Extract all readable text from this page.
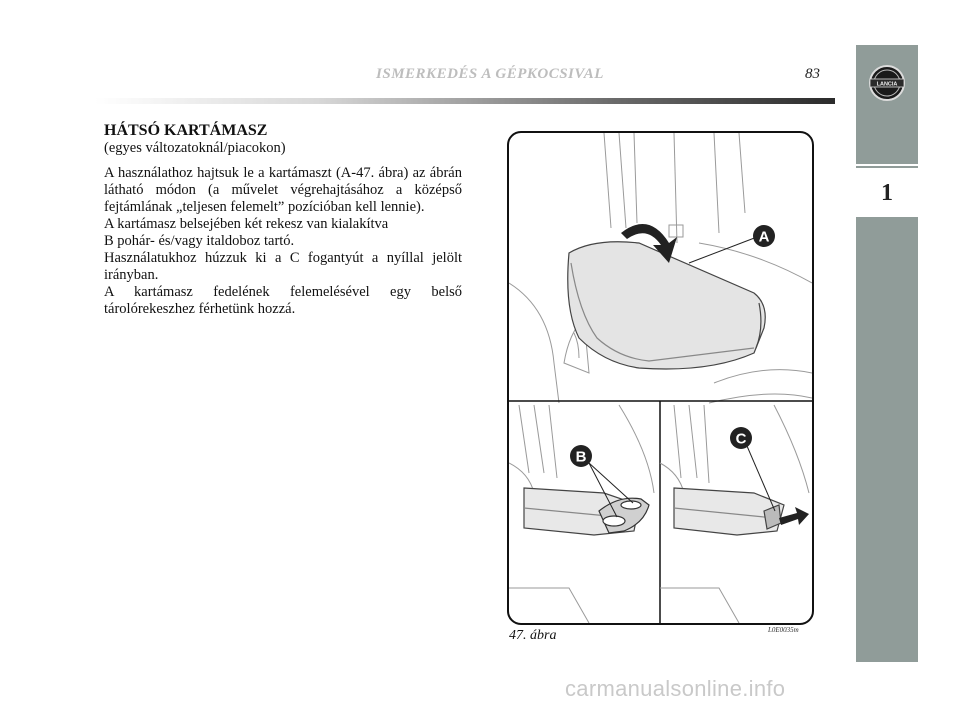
ISMERKEDÉS A GÉPKOCSIVAL	83
LANCIA
1
HÁTSÓ KARTÁMASZ
(egyes változatoknál/piacokon)

A használathoz hajtsuk le a kartámaszt (A-47. ábra) az ábrán látható módon (a művelet végrehajtásához a középső fejtámlának „teljesen felemelt” pozícióban kell lennie).

A kartámasz belsejében két rekesz van kialakítva

B pohár- és/vagy italdoboz tartó.

Használatukhoz húzzuk ki a C fogantyút a nyíllal jelölt irányban.

A kartámasz fedelének felemelésével egy belső tárolórekeszhez férhetünk hozzá.

A
B
C
47. ábra	L0E0035m
carmanualsonline.info
